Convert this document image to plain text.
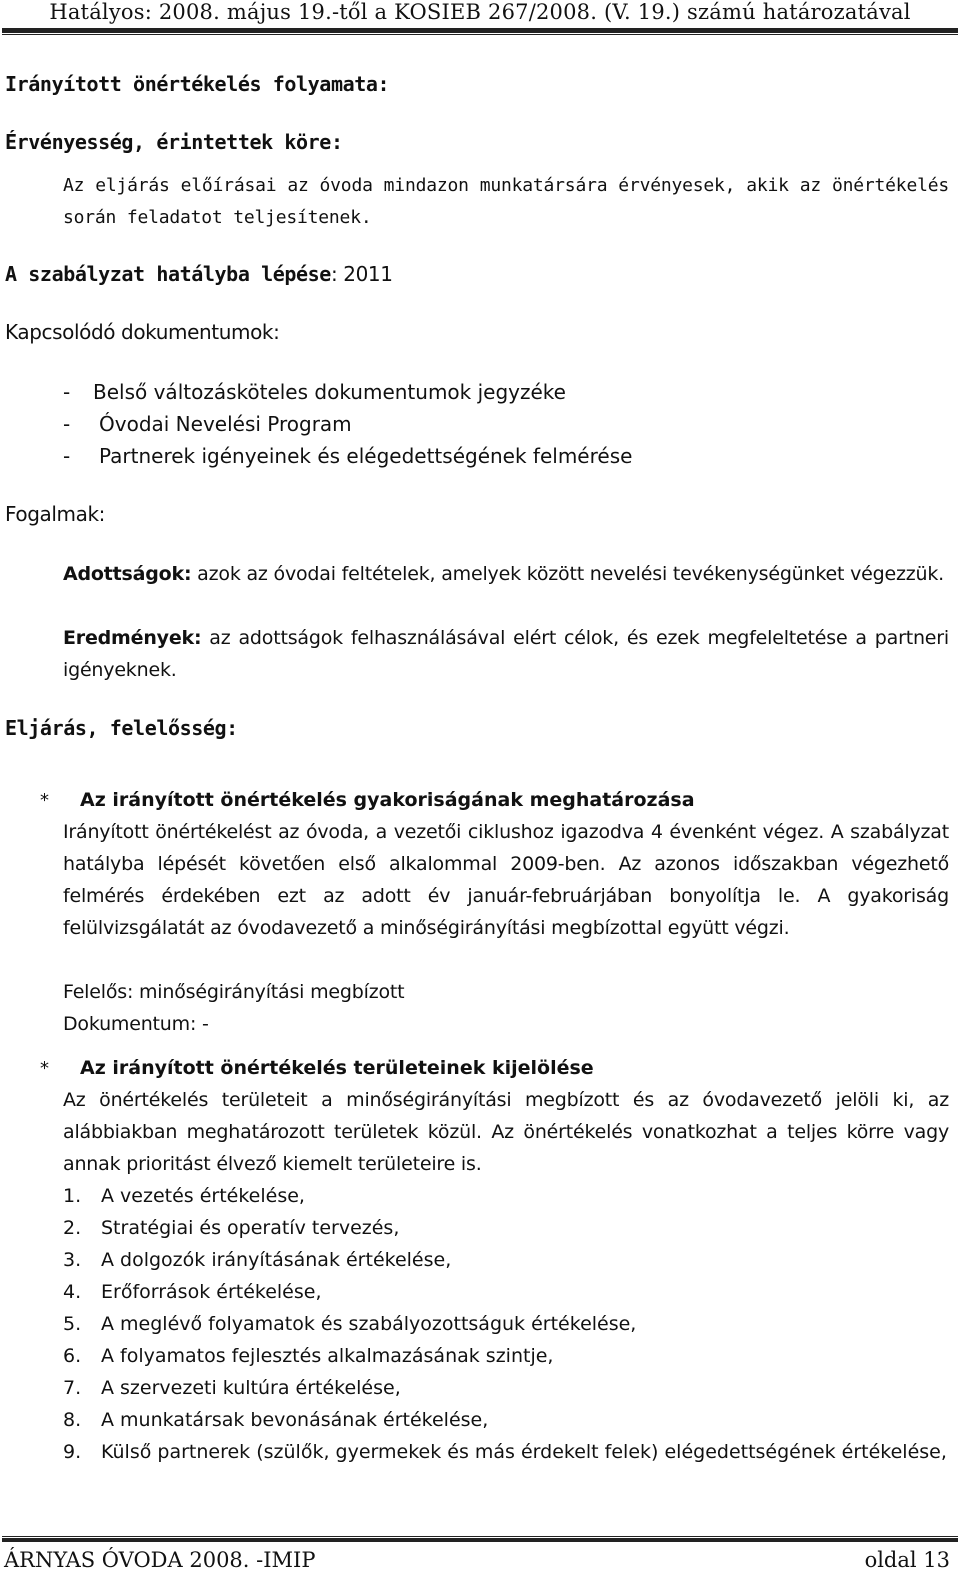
Hatályos: 2008. május 19.-től a KOSIEB 267/2008. (V. 19.) számú határozatával
Irányított önértékelés folyamata:
Érvényesség, érintettek köre:
Az eljárás előírásai az óvoda mindazon munkatársára érvényesek, akik az önértékelés során feladatot teljesítenek.
A szabályzat hatályba lépése: 2011
Kapcsolódó dokumentumok:
- Belső változásköteles dokumentumok jegyzéke
- Óvodai Nevelési Program
- Partnerek igényeinek és elégedettségének felmérése
Fogalmak:
Adottságok: azok az óvodai feltételek, amelyek között nevelési tevékenységünket végezzük.
Eredmények: az adottságok felhasználásával elért célok, és ezek megfeleltetése a partneri igényeknek.
Eljárás, felelősség:
* Az irányított önértékelés gyakoriságának meghatározása
Irányított önértékelést az óvoda, a vezetői ciklushoz igazodva 4 évenként végez. A szabályzat hatályba lépését követően első alkalommal 2009-ben. Az azonos időszakban végezhető felmérés érdekében ezt az adott év január-februárjában bonyolítja le. A gyakoriság felülvizsgálatát az óvodavezető a minőségirányítási megbízottal együtt végzi.
Felelős: minőségirányítási megbízott
Dokumentum: -
* Az irányított önértékelés területeinek kijelölése
Az önértékelés területeit a minőségirányítási megbízott és az óvodavezető jelöli ki, az alábbiakban meghatározott területek közül. Az önértékelés vonatkozhat a teljes körre vagy annak prioritást élvező kiemelt területeire is.
1. A vezetés értékelése,
2. Stratégiai és operatív tervezés,
3. A dolgozók irányításának értékelése,
4. Erőforrások értékelése,
5. A meglévő folyamatok és szabályozottságuk értékelése,
6. A folyamatos fejlesztés alkalmazásának szintje,
7. A szervezeti kultúra értékelése,
8. A munkatársak bevonásának értékelése,
9. Külső partnerek (szülők, gyermekek és más érdekelt felek) elégedettségének értékelése,
ÁRNYAS ÓVODA 2008. -IMIP	oldal 13
